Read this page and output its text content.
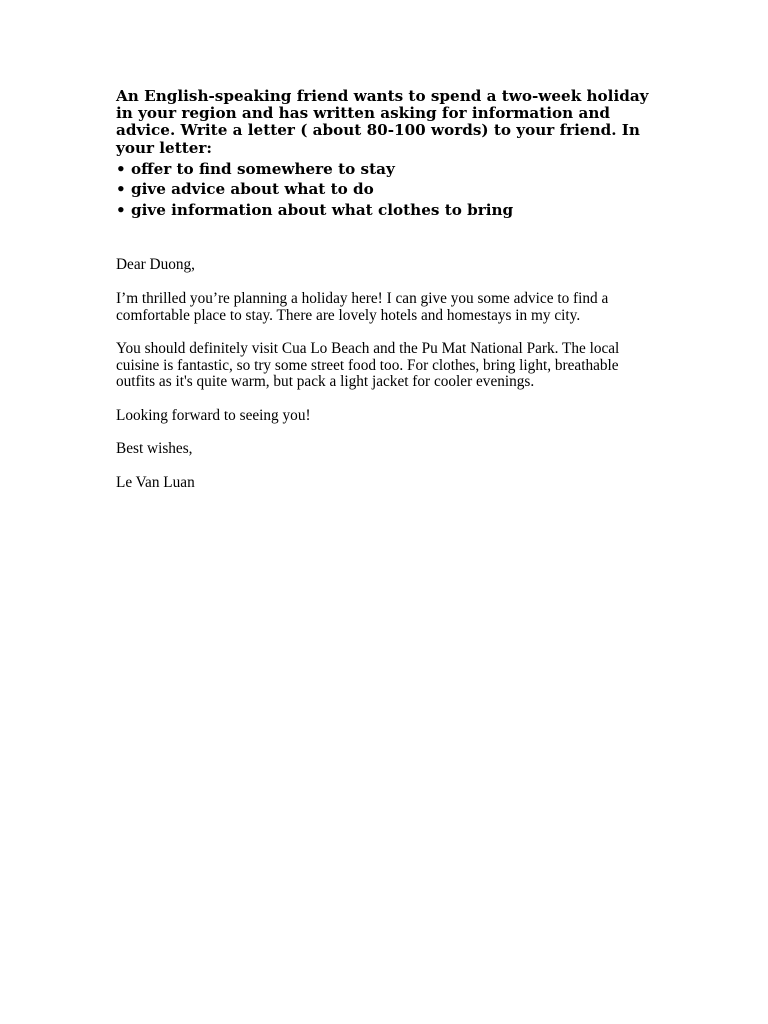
An English-speaking friend wants to spend a two-week holiday in your region and has written asking for information and advice. Write a letter ( about 80-100 words) to your friend. In your letter:

• offer to find somewhere to stay
• give advice about what to do
• give information about what clothes to bring

Dear Duong,

I’m thrilled you’re planning a holiday here! I can give you some advice to find a comfortable place to stay. There are lovely hotels and homestays in my city.

You should definitely visit Cua Lo Beach and the Pu Mat National Park. The local cuisine is fantastic, so try some street food too. For clothes, bring light, breathable outfits as it's quite warm, but pack a light jacket for cooler evenings.

Looking forward to seeing you!

Best wishes,

Le Van Luan
